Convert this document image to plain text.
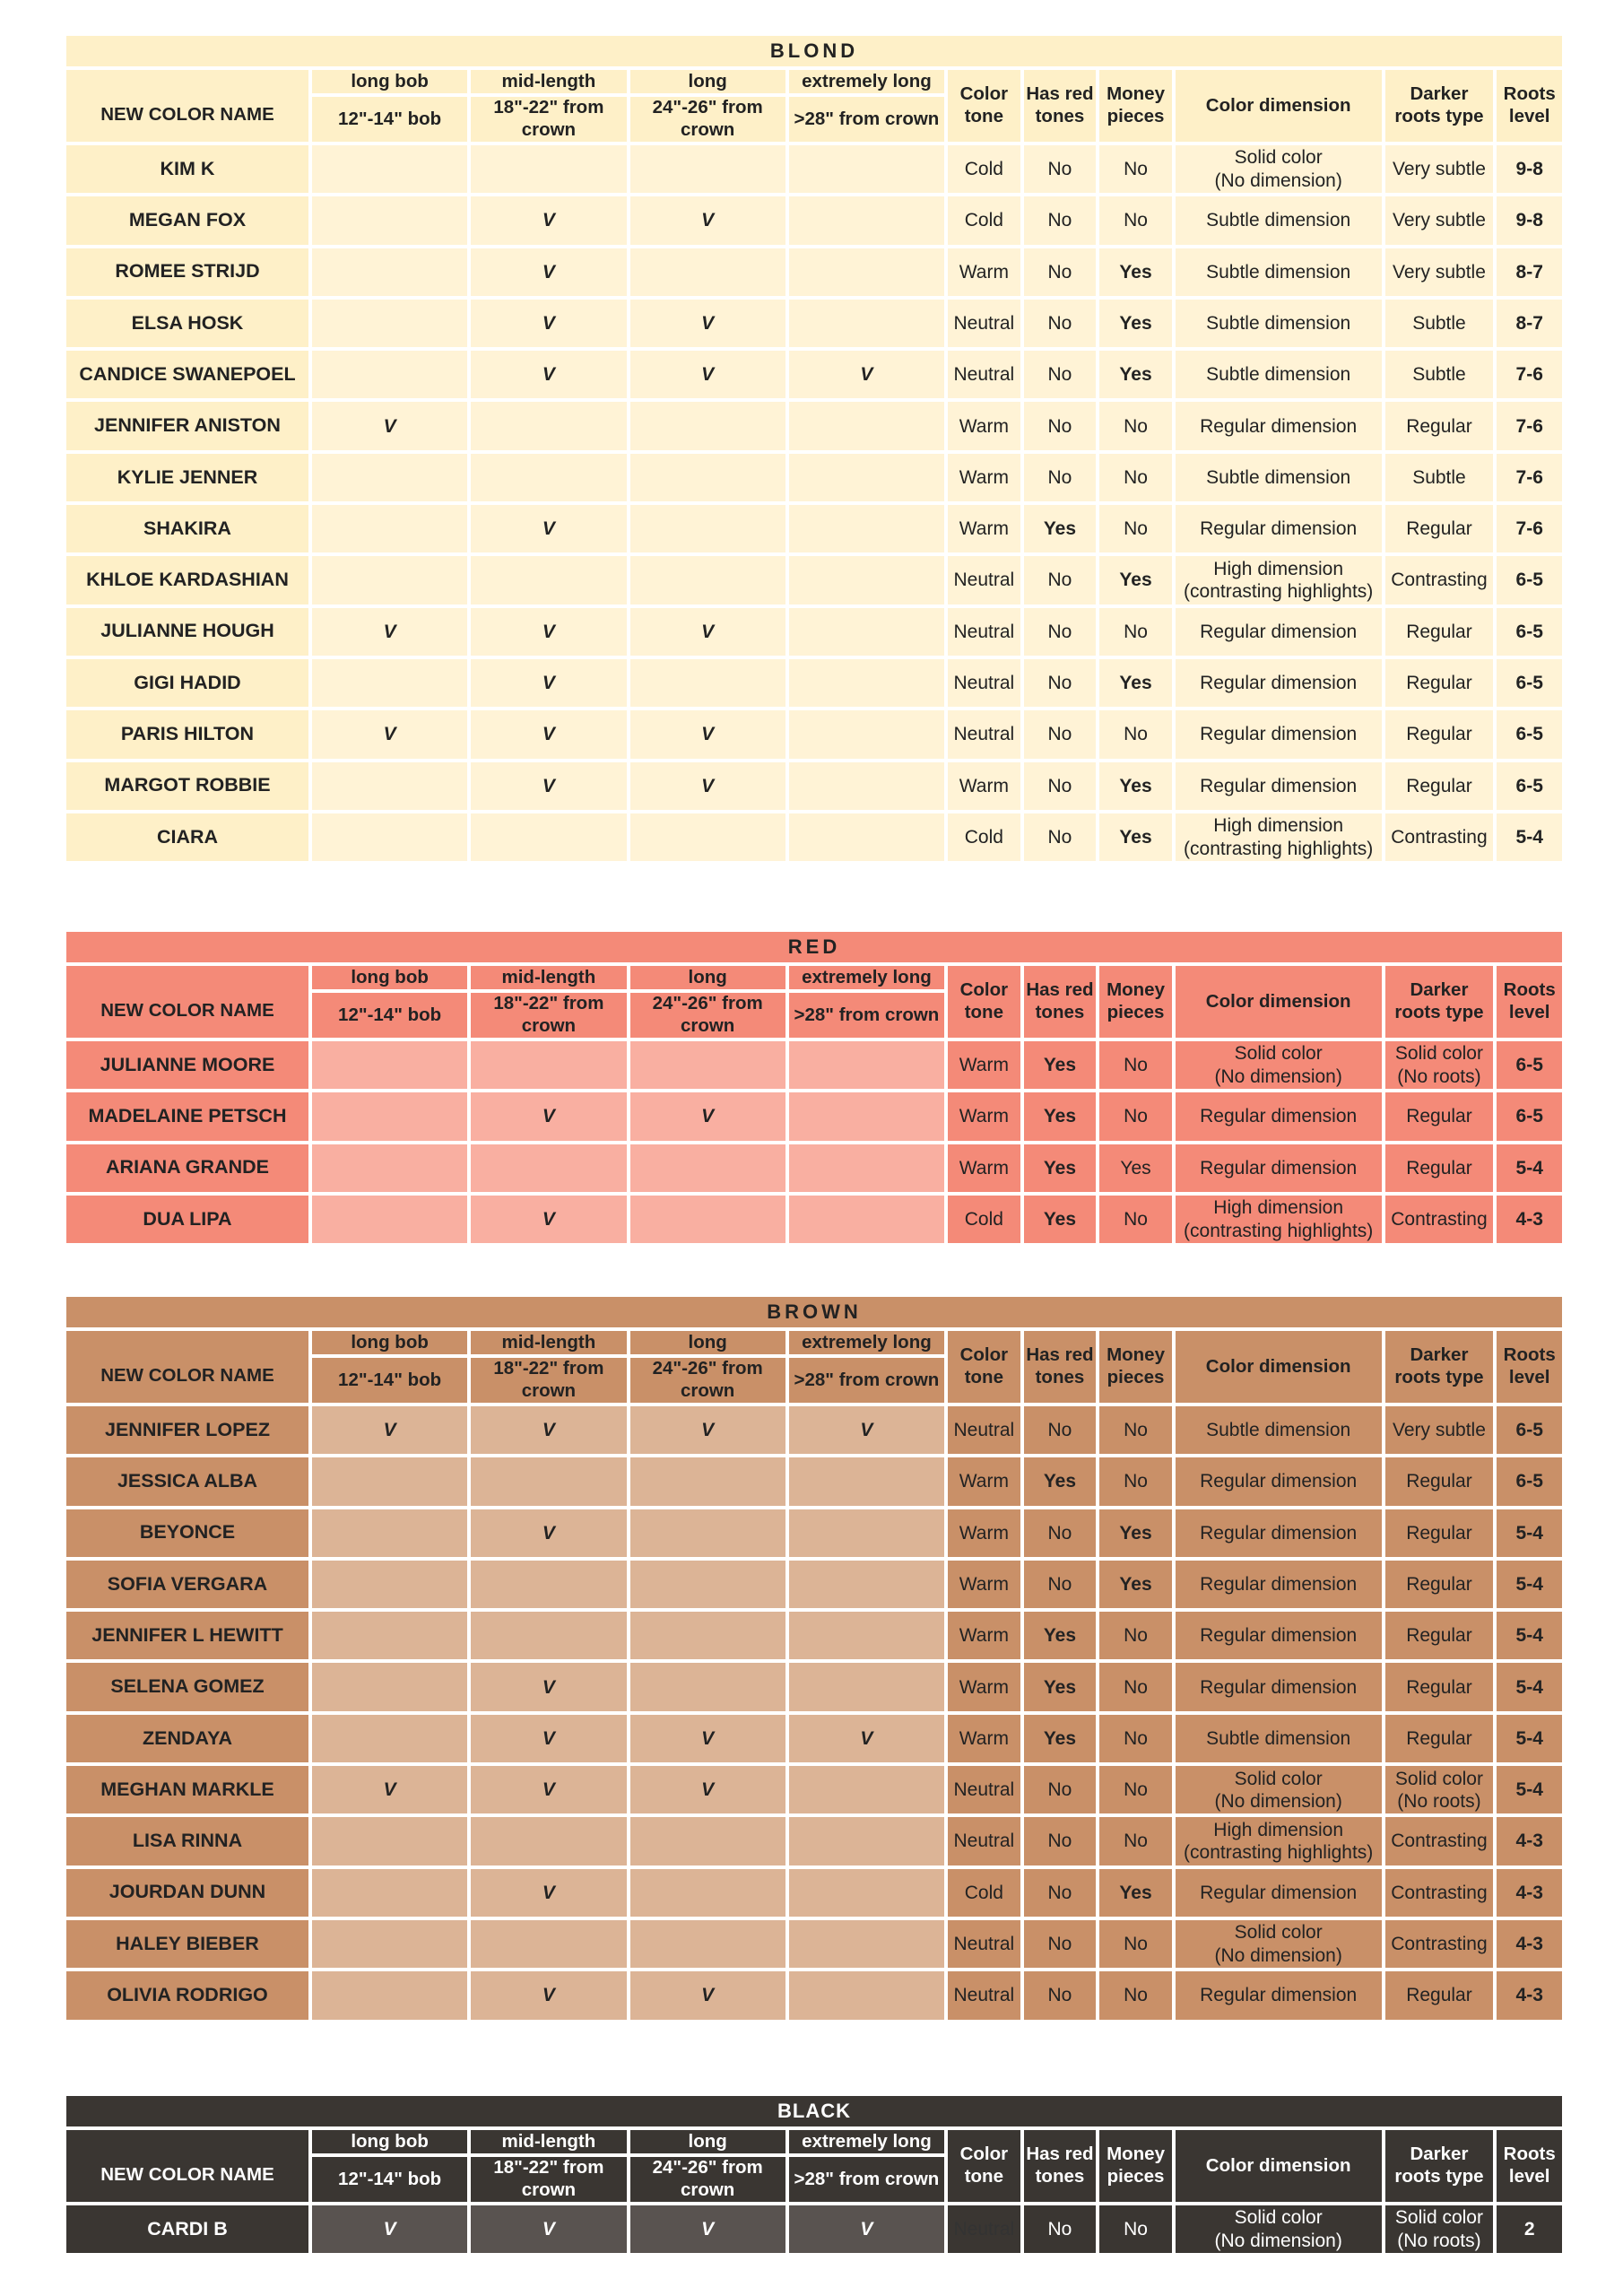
BLOND
NEW COLOR NAME	long bob	mid-length	long	extremely long	Color tone	Has red tones	Money pieces	Color dimension	Darker roots type	Roots level
	12"-14" bob	18"-22" from crown	24"-26" from crown	>28" from crown						
KIM K					Cold	No	No	Solid color
(No dimension)	Very subtle	9-8
MEGAN FOX		V	V		Cold	No	No	Subtle dimension	Very subtle	9-8
ROMEE STRIJD		V			Warm	No	Yes	Subtle dimension	Very subtle	8-7
ELSA HOSK		V	V		Neutral	No	Yes	Subtle dimension	Subtle	8-7
CANDICE SWANEPOEL		V	V	V	Neutral	No	Yes	Subtle dimension	Subtle	7-6
JENNIFER ANISTON	V				Warm	No	No	Regular dimension	Regular	7-6
KYLIE JENNER					Warm	No	No	Subtle dimension	Subtle	7-6
SHAKIRA		V			Warm	Yes	No	Regular dimension	Regular	7-6
KHLOE KARDASHIAN					Neutral	No	Yes	High dimension
(contrasting highlights)	Contrasting	6-5
JULIANNE HOUGH	V	V	V		Neutral	No	No	Regular dimension	Regular	6-5
GIGI HADID		V			Neutral	No	Yes	Regular dimension	Regular	6-5
PARIS HILTON	V	V	V		Neutral	No	No	Regular dimension	Regular	6-5
MARGOT ROBBIE		V	V		Warm	No	Yes	Regular dimension	Regular	6-5
CIARA					Cold	No	Yes	High dimension
(contrasting highlights)	Contrasting	5-4
RED
NEW COLOR NAME	long bob	mid-length	long	extremely long	Color tone	Has red tones	Money pieces	Color dimension	Darker roots type	Roots level
	12"-14" bob	18"-22" from crown	24"-26" from crown	>28" from crown						
JULIANNE MOORE					Warm	Yes	No	Solid color
(No dimension)	Solid color
(No roots)	6-5
MADELAINE PETSCH		V	V		Warm	Yes	No	Regular dimension	Regular	6-5
ARIANA GRANDE					Warm	Yes	Yes	Regular dimension	Regular	5-4
DUA LIPA		V			Cold	Yes	No	High dimension
(contrasting highlights)	Contrasting	4-3
BROWN
NEW COLOR NAME	long bob	mid-length	long	extremely long	Color tone	Has red tones	Money pieces	Color dimension	Darker roots type	Roots level
	12"-14" bob	18"-22" from crown	24"-26" from crown	>28" from crown						
JENNIFER LOPEZ	V	V	V	V	Neutral	No	No	Subtle dimension	Very subtle	6-5
JESSICA ALBA					Warm	Yes	No	Regular dimension	Regular	6-5
BEYONCE		V			Warm	No	Yes	Regular dimension	Regular	5-4
SOFIA VERGARA					Warm	No	Yes	Regular dimension	Regular	5-4
JENNIFER L HEWITT					Warm	Yes	No	Regular dimension	Regular	5-4
SELENA GOMEZ		V			Warm	Yes	No	Regular dimension	Regular	5-4
ZENDAYA		V	V	V	Warm	Yes	No	Subtle dimension	Regular	5-4
MEGHAN MARKLE	V	V	V		Neutral	No	No	Solid color
(No dimension)	Solid color
(No roots)	5-4
LISA RINNA					Neutral	No	No	High dimension
(contrasting highlights)	Contrasting	4-3
JOURDAN DUNN		V			Cold	No	Yes	Regular dimension	Contrasting	4-3
HALEY BIEBER					Neutral	No	No	Solid color
(No dimension)	Contrasting	4-3
OLIVIA RODRIGO		V	V		Neutral	No	No	Regular dimension	Regular	4-3
BLACK
NEW COLOR NAME	long bob	mid-length	long	extremely long	Color tone	Has red tones	Money pieces	Color dimension	Darker roots type	Roots level
	12"-14" bob	18"-22" from crown	24"-26" from crown	>28" from crown						
CARDI B	V	V	V	V	Neutral	No	No	Solid color
(No dimension)	Solid color
(No roots)	2
